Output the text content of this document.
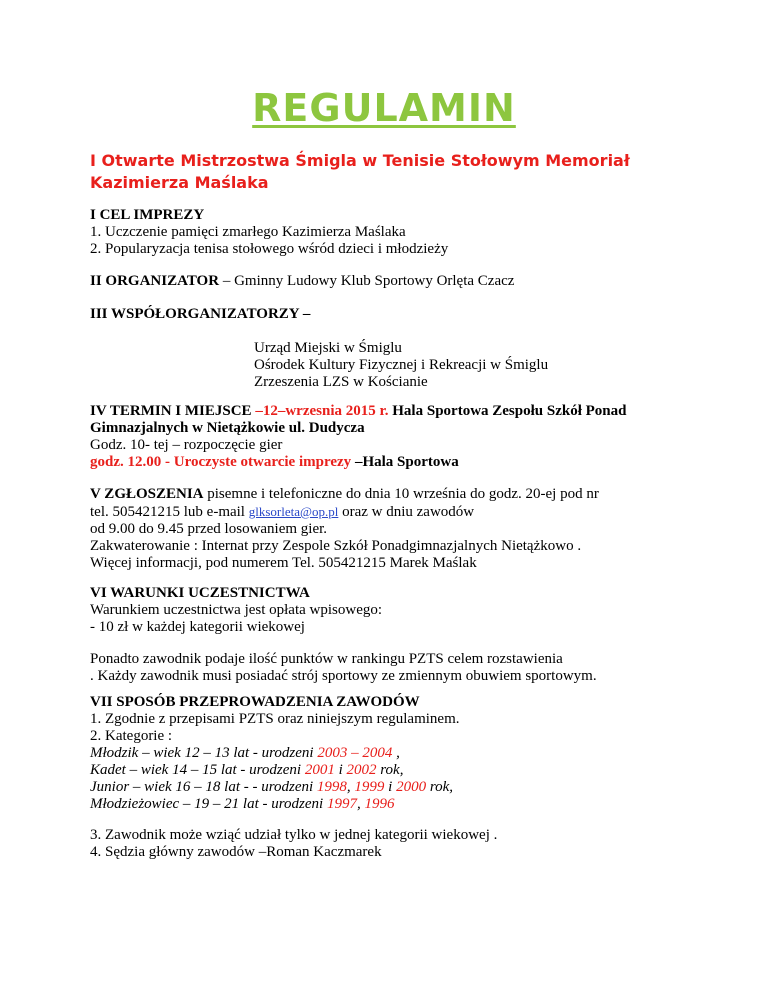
REGULAMIN
I Otwarte Mistrzostwa Śmigla w Tenisie Stołowym Memoriał Kazimierza Maślaka
I CEL IMPREZY
1. Uczczenie pamięci zmarłego Kazimierza Maślaka
2. Popularyzacja tenisa stołowego wśród dzieci i młodzieży
II ORGANIZATOR – Gminny Ludowy Klub Sportowy Orlęta Czacz
III WSPÓŁORGANIZATORZY –
Urząd Miejski w Śmiglu
Ośrodek Kultury Fizycznej i Rekreacji w Śmiglu
Zrzeszenia LZS w Kościanie
IV TERMIN I MIEJSCE –12–wrzesnia 2015 r. Hala Sportowa Zespołu Szkół Ponad
Gimnazjalnych w Nietążkowie ul. Dudycza
Godz. 10- tej – rozpoczęcie gier
godz. 12.00 - Uroczyste otwarcie imprezy –Hala Sportowa
V ZGŁOSZENIA pisemne i telefoniczne do dnia 10 września do godz. 20-ej pod nr
tel. 505421215 lub e-mail glksorleta@op.pl oraz w dniu zawodów
od 9.00 do 9.45 przed losowaniem gier.
Zakwaterowanie : Internat przy Zespole Szkół Ponadgimnazjalnych Nietążkowo .
Więcej informacji, pod numerem Tel. 505421215 Marek Maślak
VI WARUNKI UCZESTNICTWA
Warunkiem uczestnictwa jest opłata wpisowego:
- 10 zł w każdej kategorii wiekowej
Ponadto zawodnik podaje ilość punktów w rankingu PZTS celem rozstawienia
. Każdy zawodnik musi posiadać strój sportowy ze zmiennym obuwiem sportowym.
VII SPOSÓB PRZEPROWADZENIA ZAWODÓW
1. Zgodnie z przepisami PZTS oraz niniejszym regulaminem.
2. Kategorie :
Młodzik – wiek 12 – 13 lat - urodzeni 2003 – 2004 ,
Kadet – wiek 14 – 15 lat - urodzeni 2001 i 2002 rok,
Junior – wiek 16 – 18 lat - - urodzeni 1998, 1999 i 2000 rok,
Młodzieżowiec – 19 – 21 lat - urodzeni 1997, 1996
3. Zawodnik może wziąć udział tylko w jednej kategorii wiekowej .
4. Sędzia główny zawodów –Roman Kaczmarek
